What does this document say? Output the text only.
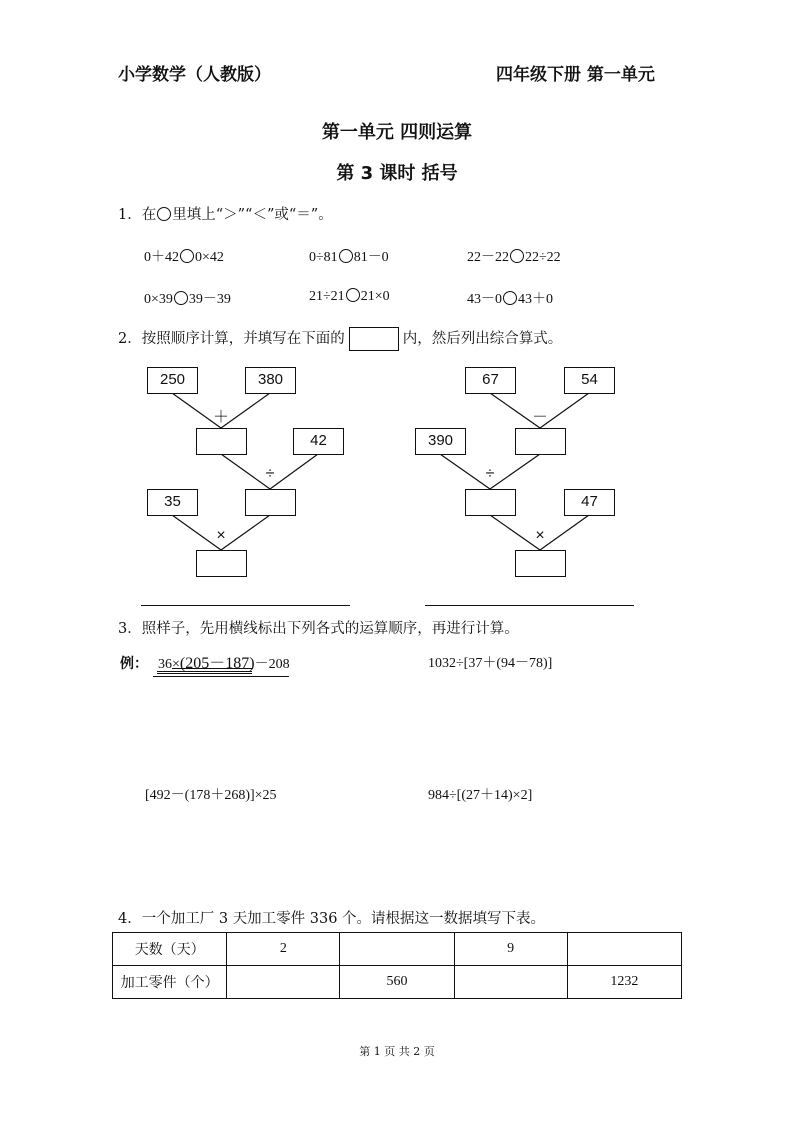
小学数学（人教版）	四年级下册 第一单元
第一单元 四则运算
第 3 课时 括号
1．在 里填上“＞”“＜”或“＝”。
0＋42 0×42	0÷81 81－0	22－22 22÷22
0×39 39－39	21÷21 21×0	43－0 43＋0
2．按照顺序计算，并填写在下面的	内，然后列出综合算式。
250	380
＋
42
÷
35
×
67	54
－
390
÷
47
×
3．照样子，先用横线标出下列各式的运算顺序，再进行计算。
例： 36×(205－187)－208	1032÷[37＋(94－78)]
[492－(178＋268)]×25	984÷[(27＋14)×2]
4．一个加工厂 3 天加工零件 336 个。请根据这一数据填写下表。
天数（天）	2		9	
加工零件（个）		560		1232
第 1 页 共 2 页
